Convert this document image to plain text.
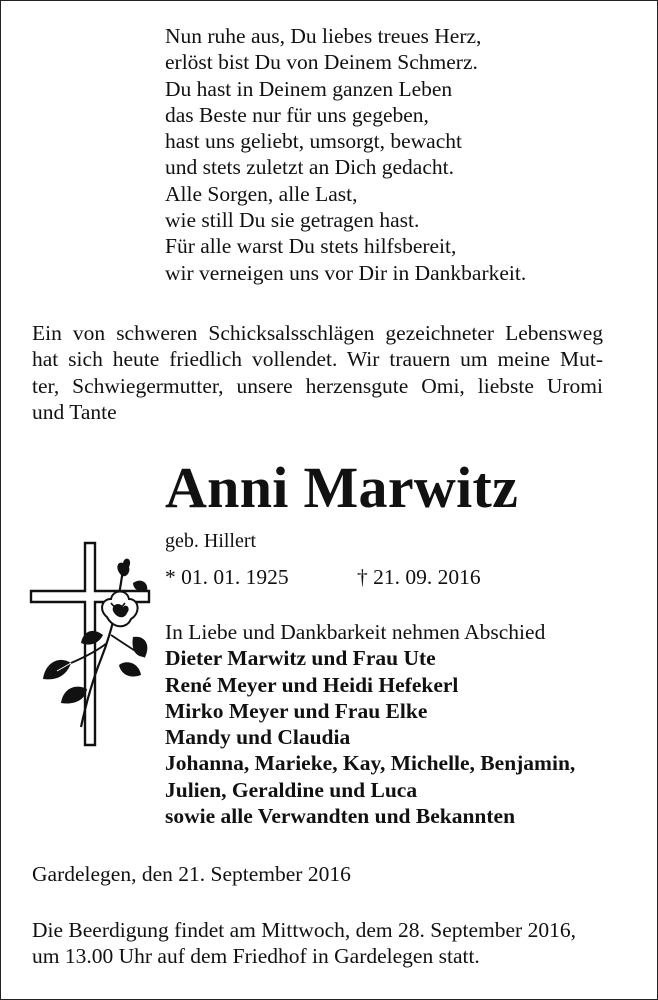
Nun ruhe aus, Du liebes treues Herz,
erlöst bist Du von Deinem Schmerz.
Du hast in Deinem ganzen Leben
das Beste nur für uns gegeben,
hast uns geliebt, umsorgt, bewacht
und stets zuletzt an Dich gedacht.
Alle Sorgen, alle Last,
wie still Du sie getragen hast.
Für alle warst Du stets hilfsbereit,
wir verneigen uns vor Dir in Dankbarkeit.
Ein von schweren Schicksalsschlägen gezeichneter Lebensweg
hat sich heute friedlich vollendet. Wir trauern um meine Mut-
ter, Schwiegermutter, unsere herzensgute Omi, liebste Uromi
und Tante
Anni Marwitz
geb. Hillert
* 01. 01. 1925	† 21. 09. 2016
In Liebe und Dankbarkeit nehmen Abschied
Dieter Marwitz und Frau Ute
René Meyer und Heidi Hefekerl
Mirko Meyer und Frau Elke
Mandy und Claudia
Johanna, Marieke, Kay, Michelle, Benjamin,
Julien, Geraldine und Luca
sowie alle Verwandten und Bekannten
Gardelegen, den 21. September 2016
Die Beerdigung findet am Mittwoch, dem 28. September 2016,
um 13.00 Uhr auf dem Friedhof in Gardelegen statt.
